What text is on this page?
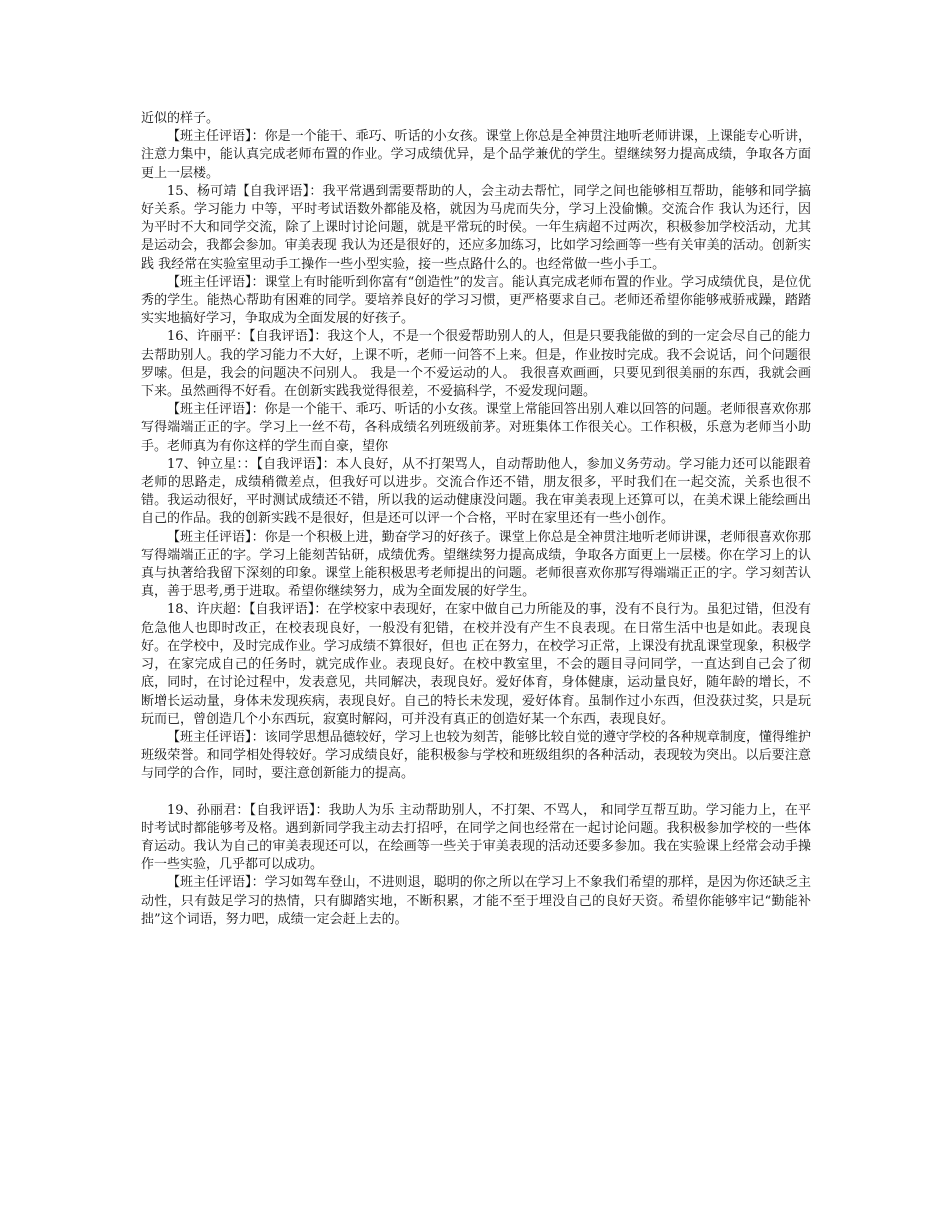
近似的样子。

【班主任评语】：你是一个能干、乖巧、听话的小女孩。课堂上你总是全神贯注地听老师讲课，上课能专心听讲，注意力集中，能认真完成老师布置的作业。学习成绩优异，是个品学兼优的学生。望继续努力提高成绩，争取各方面更上一层楼。

15、杨可靖【自我评语】：我平常遇到需要帮助的人，会主动去帮忙，同学之间也能够相互帮助，能够和同学搞好关系。学习能力 中等，平时考试语数外都能及格，就因为马虎而失分，学习上没偷懒。交流合作 我认为还行，因为平时不大和同学交流，除了上课时讨论问题，就是平常玩的时侯。一年生病超不过两次，积极参加学校活动，尤其是运动会，我都会参加。审美表现 我认为还是很好的，还应多加练习，比如学习绘画等一些有关审美的活动。创新实践 我经常在实验室里动手工操作一些小型实验，接一些点路什么的。也经常做一些小手工。

【班主任评语】：课堂上有时能听到你富有“创造性”的发言。能认真完成老师布置的作业。学习成绩优良，是位优秀的学生。能热心帮助有困难的同学。要培养良好的学习习惯，更严格要求自己。老师还希望你能够戒骄戒躁，踏踏实实地搞好学习，争取成为全面发展的好孩子。

16、许丽平：【自我评语】：我这个人，不是一个很爱帮助别人的人，但是只要我能做的到的一定会尽自己的能力去帮助别人。我的学习能力不大好，上课不听，老师一问答不上来。但是，作业按时完成。我不会说话，问个问题很罗嗦。但是，我会的问题决不问别人。 我是一个不爱运动的人。 我很喜欢画画，只要见到很美丽的东西，我就会画下来。虽然画得不好看。在创新实践我觉得很差，不爱搞科学，不爱发现问题。

【班主任评语】：你是一个能干、乖巧、听话的小女孩。课堂上常能回答出别人难以回答的问题。老师很喜欢你那写得端端正正的字。学习上一丝不苟，各科成绩名列班级前茅。对班集体工作很关心。工作积极，乐意为老师当小助手。老师真为有你这样的学生而自豪，望你

17、钟立星：：【自我评语】：本人良好，从不打架骂人，自动帮助他人，参加义务劳动。学习能力还可以能跟着老师的思路走，成绩稍微差点，但我好可以进步。交流合作还不错，朋友很多，平时我们在一起交流，关系也很不错。我运动很好，平时测试成绩还不错，所以我的运动健康没问题。我在审美表现上还算可以，在美术课上能绘画出自己的作品。我的创新实践不是很好，但是还可以评一个合格，平时在家里还有一些小创作。

【班主任评语】：你是一个积极上进，勤奋学习的好孩子。课堂上你总是全神贯注地听老师讲课，老师很喜欢你那写得端端正正的字。学习上能刻苦钻研，成绩优秀。望继续努力提高成绩，争取各方面更上一层楼。你在学习上的认真与执著给我留下深刻的印象。课堂上能积极思考老师提出的问题。老师很喜欢你那写得端端正正的字。学习刻苦认真，善于思考,勇于进取。希望你继续努力，成为全面发展的好学生。

18、许庆超：【自我评语】：在学校家中表现好，在家中做自己力所能及的事，没有不良行为。虽犯过错，但没有危急他人也即时改正，在校表现良好，一般没有犯错，在校并没有产生不良表现。在日常生活中也是如此。表现良好。在学校中，及时完成作业。学习成绩不算很好，但也 正在努力，在校学习正常，上课没有扰乱课堂现象，积极学习，在家完成自己的任务时，就完成作业。表现良好。在校中教室里，不会的题目寻问同学，一直达到自己会了彻底，同时，在讨论过程中，发表意见，共同解决，表现良好。爱好体育，身体健康，运动量良好，随年龄的增长，不断增长运动量，身体未发现疾病，表现良好。自己的特长未发现，爱好体育。虽制作过小东西，但没获过奖，只是玩玩而已，曾创造几个小东西玩，寂寞时解闷，可并没有真正的创造好某一个东西，表现良好。

【班主任评语】：该同学思想品德较好，学习上也较为刻苦，能够比较自觉的遵守学校的各种规章制度，懂得维护班级荣誉。和同学相处得较好。学习成绩良好，能积极参与学校和班级组织的各种活动，表现较为突出。以后要注意与同学的合作，同时，要注意创新能力的提高。

19、孙丽君：【自我评语】：我助人为乐 主动帮助别人，不打架、不骂人， 和同学互帮互助。学习能力上，在平时考试时都能够考及格。遇到新同学我主动去打招呼，在同学之间也经常在一起讨论问题。我积极参加学校的一些体育运动。我认为自己的审美表现还可以，在绘画等一些关于审美表现的活动还要多参加。我在实验课上经常会动手操作一些实验，几乎都可以成功。

【班主任评语】：学习如驾车登山，不进则退，聪明的你之所以在学习上不象我们希望的那样，是因为你还缺乏主动性，只有鼓足学习的热情，只有脚踏实地，不断积累，才能不至于埋没自己的良好天资。希望你能够牢记“勤能补拙”这个词语，努力吧，成绩一定会赶上去的。
